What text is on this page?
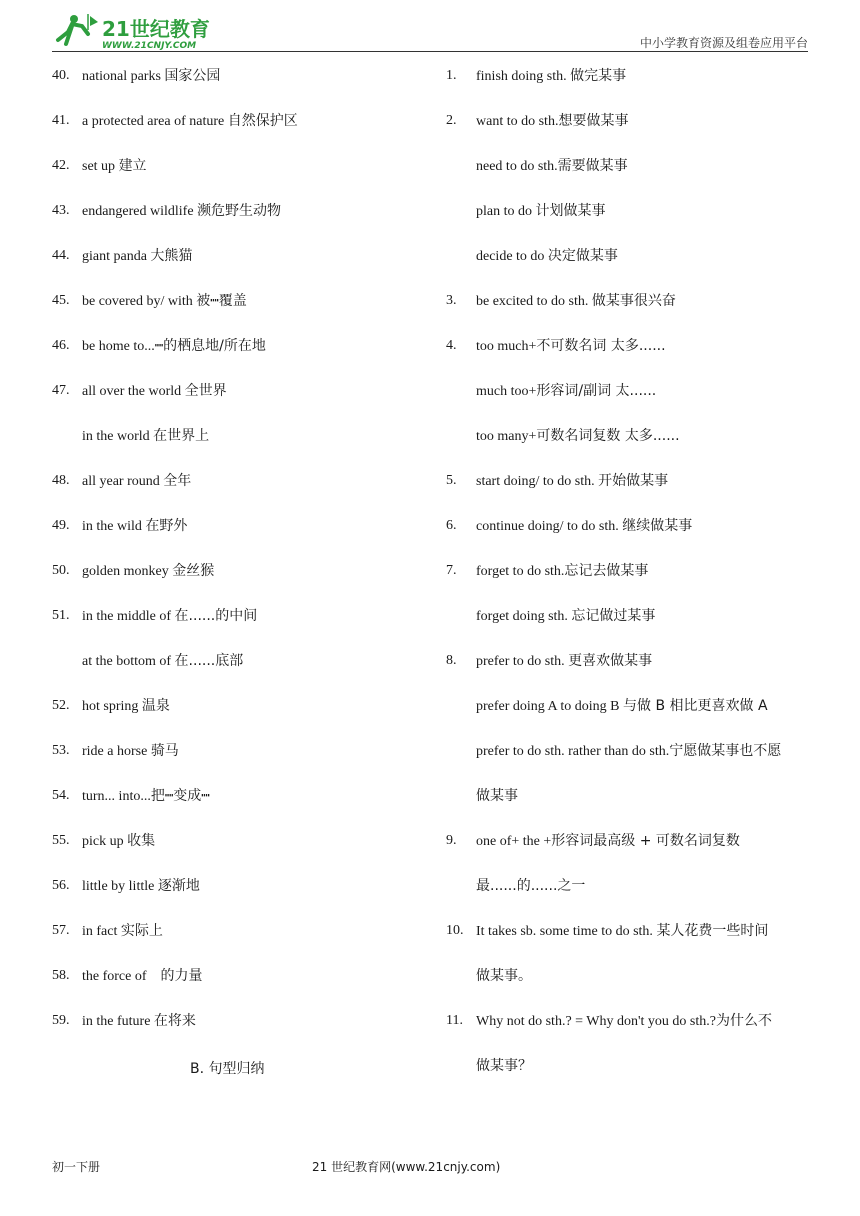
21世纪教育
WWW.21CNJY.COM	中小学教育资源及组卷应用平台
40. national parks 国家公园
41. a protected area of nature 自然保护区
42. set up 建立
43. endangered wildlife 濒危野生动物
44. giant panda 大熊猫
45. be covered by/ with 被┉覆盖
46. be home to...┉的栖息地/所在地
47. all over the world 全世界
in the world 在世界上
48. all year round 全年
49. in the wild 在野外
50. golden monkey 金丝猴
51. in the middle of 在......的中间
at the bottom of 在......底部
52. hot spring 温泉
53. ride a horse 骑马
54. turn... into...把┉变成┉
55. pick up 收集
56. little by little 逐渐地
57. in fact 实际上
58. the force of    的力量
59. in the future 在将来
1. finish doing sth. 做完某事
2. want to do sth.想要做某事
need to do sth.需要做某事
plan to do 计划做某事
decide to do 决定做某事
3. be excited to do sth. 做某事很兴奋
4. too much+不可数名词 太多......
much too+形容词/副词 太......
too many+可数名词复数 太多......
5. start doing/ to do sth. 开始做某事
6. continue doing/ to do sth. 继续做某事
7. forget to do sth.忘记去做某事
forget doing sth. 忘记做过某事
8. prefer to do sth. 更喜欢做某事
prefer doing A to doing B 与做 B 相比更喜欢做 A
prefer to do sth. rather than do sth.宁愿做某事也不愿
做某事
9. one of+ the +形容词最高级 + 可数名词复数
最......的......之一
10. It takes sb. some time to do sth. 某人花费一些时间
做某事。
11. Why not do sth.? = Why don't you do sth.?为什么不
做某事？
B. 句型归纳
初一下册	21 世纪教育网(www.21cnjy.com)
